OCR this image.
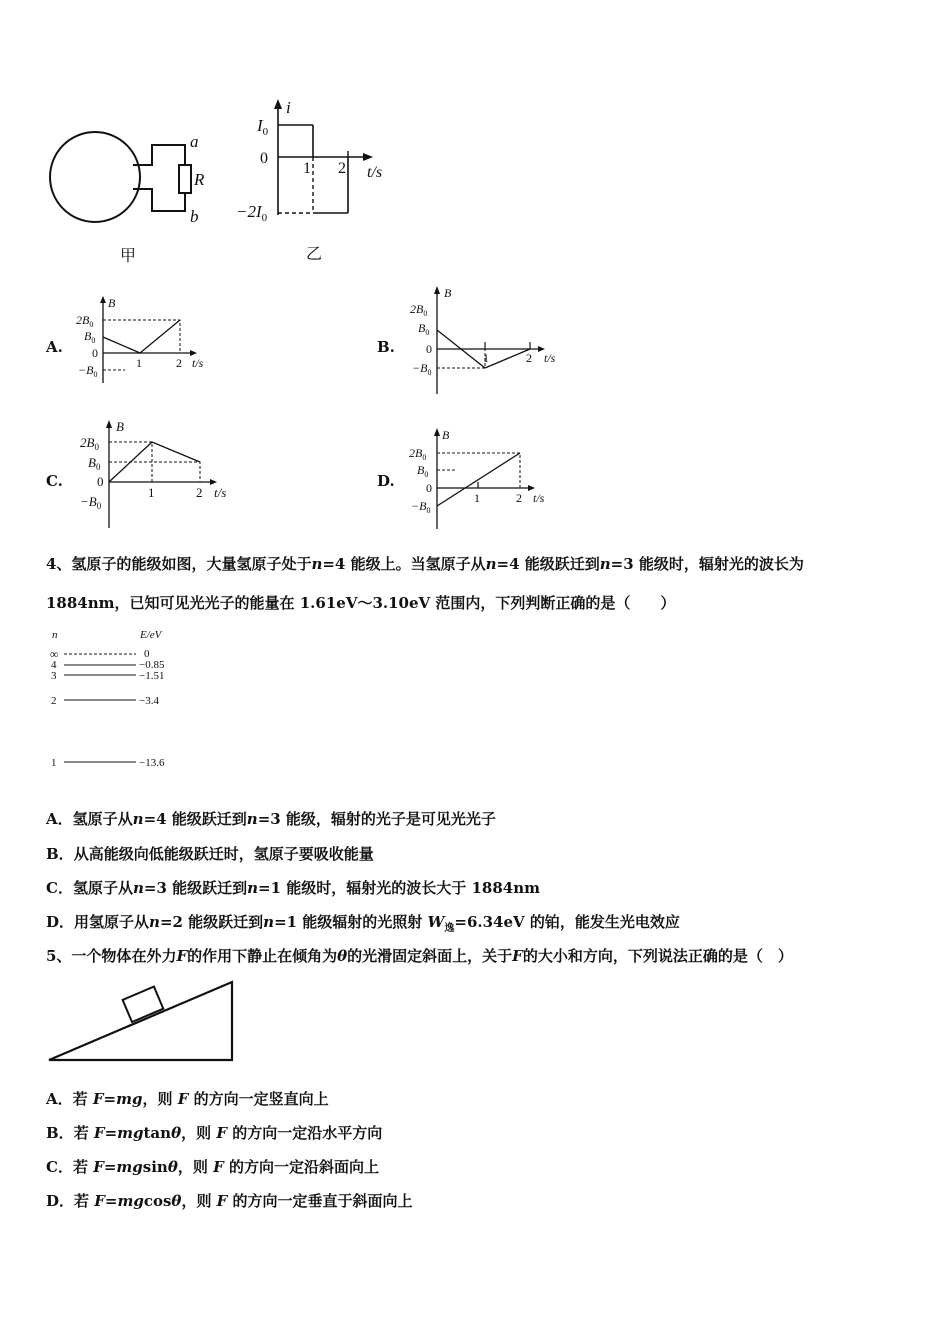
a
R
b
甲
i
$I_0$
0
$-2I_0$
1 2 t/s
乙
A.
B
$2B_0$
$B_0$
0
$-B_0$
1	2 t/s
B.
B
$2B_0$
$B_0$
0
$-B_0$
1	2 t/s
C.
B
$2B_0$
$B_0$
0
$-B_0$
1	2 t/s
D.
B
$2B_0$
$B_0$
0
$-B_0$
1	2 t/s
4、氢原子的能级如图，大量氢原子处于n=4 能级上。当氢原子从n=4 能级跃迁到n=3 能级时，辐射光的波长为
1884nm，已知可见光光子的能量在 1.61eV～3.10eV 范围内，下列判断正确的是（　　）
n	E/eV
∞	0
4	−0.85
3	−1.51
2	−3.4
1	−13.6
A．氢原子从n=4 能级跃迁到n=3 能级，辐射的光子是可见光光子
B．从高能级向低能级跃迁时，氢原子要吸收能量
C．氢原子从n=3 能级跃迁到n=1 能级时，辐射光的波长大于 1884nm
D．用氢原子从n=2 能级跃迁到n=1 能级辐射的光照射 $W_逸=6.34eV$ 的铂，能发生光电效应
5、一个物体在外力F的作用下静止在倾角为θ的光滑固定斜面上，关于F的大小和方向，下列说法正确的是（　）
A．若 F=mg，则 F 的方向一定竖直向上
B．若 F=mgtanθ，则 F 的方向一定沿水平方向
C．若 F=mgsinθ，则 F 的方向一定沿斜面向上
D．若 F=mgcosθ，则 F 的方向一定垂直于斜面向上
